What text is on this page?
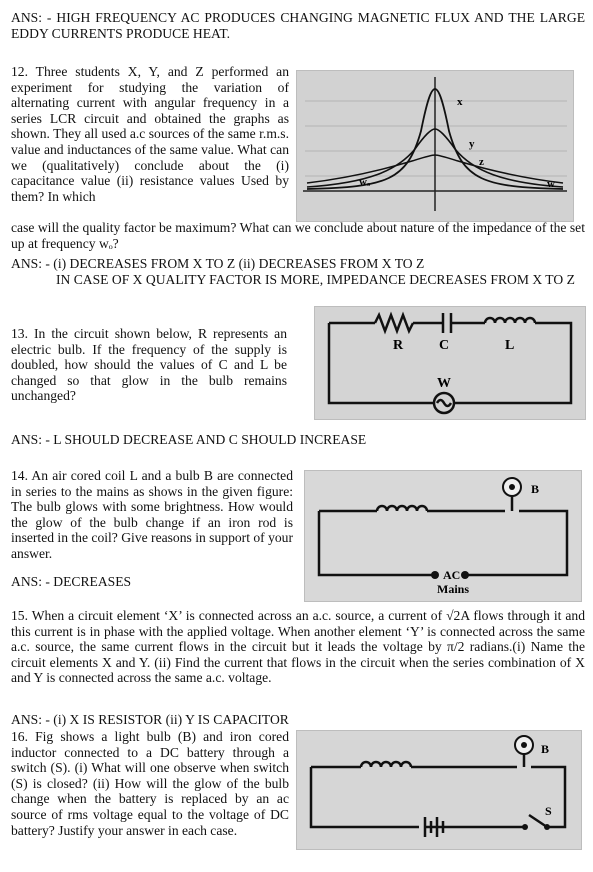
ANS: - HIGH FREQUENCY AC PRODUCES CHANGING MAGNETIC FLUX AND THE LARGE EDDY CURRENTS PRODUCE HEAT.
12. Three students X, Y, and Z performed an experiment for studying the variation of alternating current with angular frequency in a series LCR circuit and obtained the graphs as shown. They all used a.c sources of the same r.m.s. value and inductances of the same value. What can we (qualitatively) conclude about the (i) capacitance value (ii) resistance values Used by them? In which
x
y
z
wₒ	w
case will the quality factor be maximum? What can we conclude about nature of the impedance of the set up at frequency wₒ?
ANS: - (i) DECREASES FROM X TO Z (ii) DECREASES FROM X TO Z
IN CASE OF X QUALITY FACTOR IS MORE, IMPEDANCE DECREASES FROM X TO Z
13. In the circuit shown below, R represents an electric bulb. If the frequency of the supply is doubled, how should the values of C and L be changed so that glow in the bulb remains unchanged?
R	C	L
W
ANS: - L SHOULD DECREASE AND C SHOULD INCREASE
14. An air cored coil L and a bulb B are connected in series to the mains as shows in the given figure: The bulb glows with some brightness. How would the glow of the bulb change if an iron rod is inserted in the coil? Give reasons in support of your answer.
ANS: - DECREASES
B
AC
Mains
15. When a circuit element ‘X’ is connected across an a.c. source, a current of √2A flows through it and this current is in phase with the applied voltage. When another element ‘Y’ is connected across the same a.c. source, the same current flows in the circuit but it leads the voltage by π/2 radians.(i) Name the circuit elements X and Y. (ii) Find the current that flows in the circuit when the series combination of X and Y is connected across the same a.c. voltage.
ANS: - (i) X IS RESISTOR (ii) Y IS CAPACITOR
16. Fig shows a light bulb (B) and iron cored inductor connected to a DC battery through a switch (S). (i) What will one observe when switch (S) is closed? (ii) How will the glow of the bulb change when the battery is replaced by an ac source of rms voltage equal to the voltage of DC battery? Justify your answer in each case.
B
S
